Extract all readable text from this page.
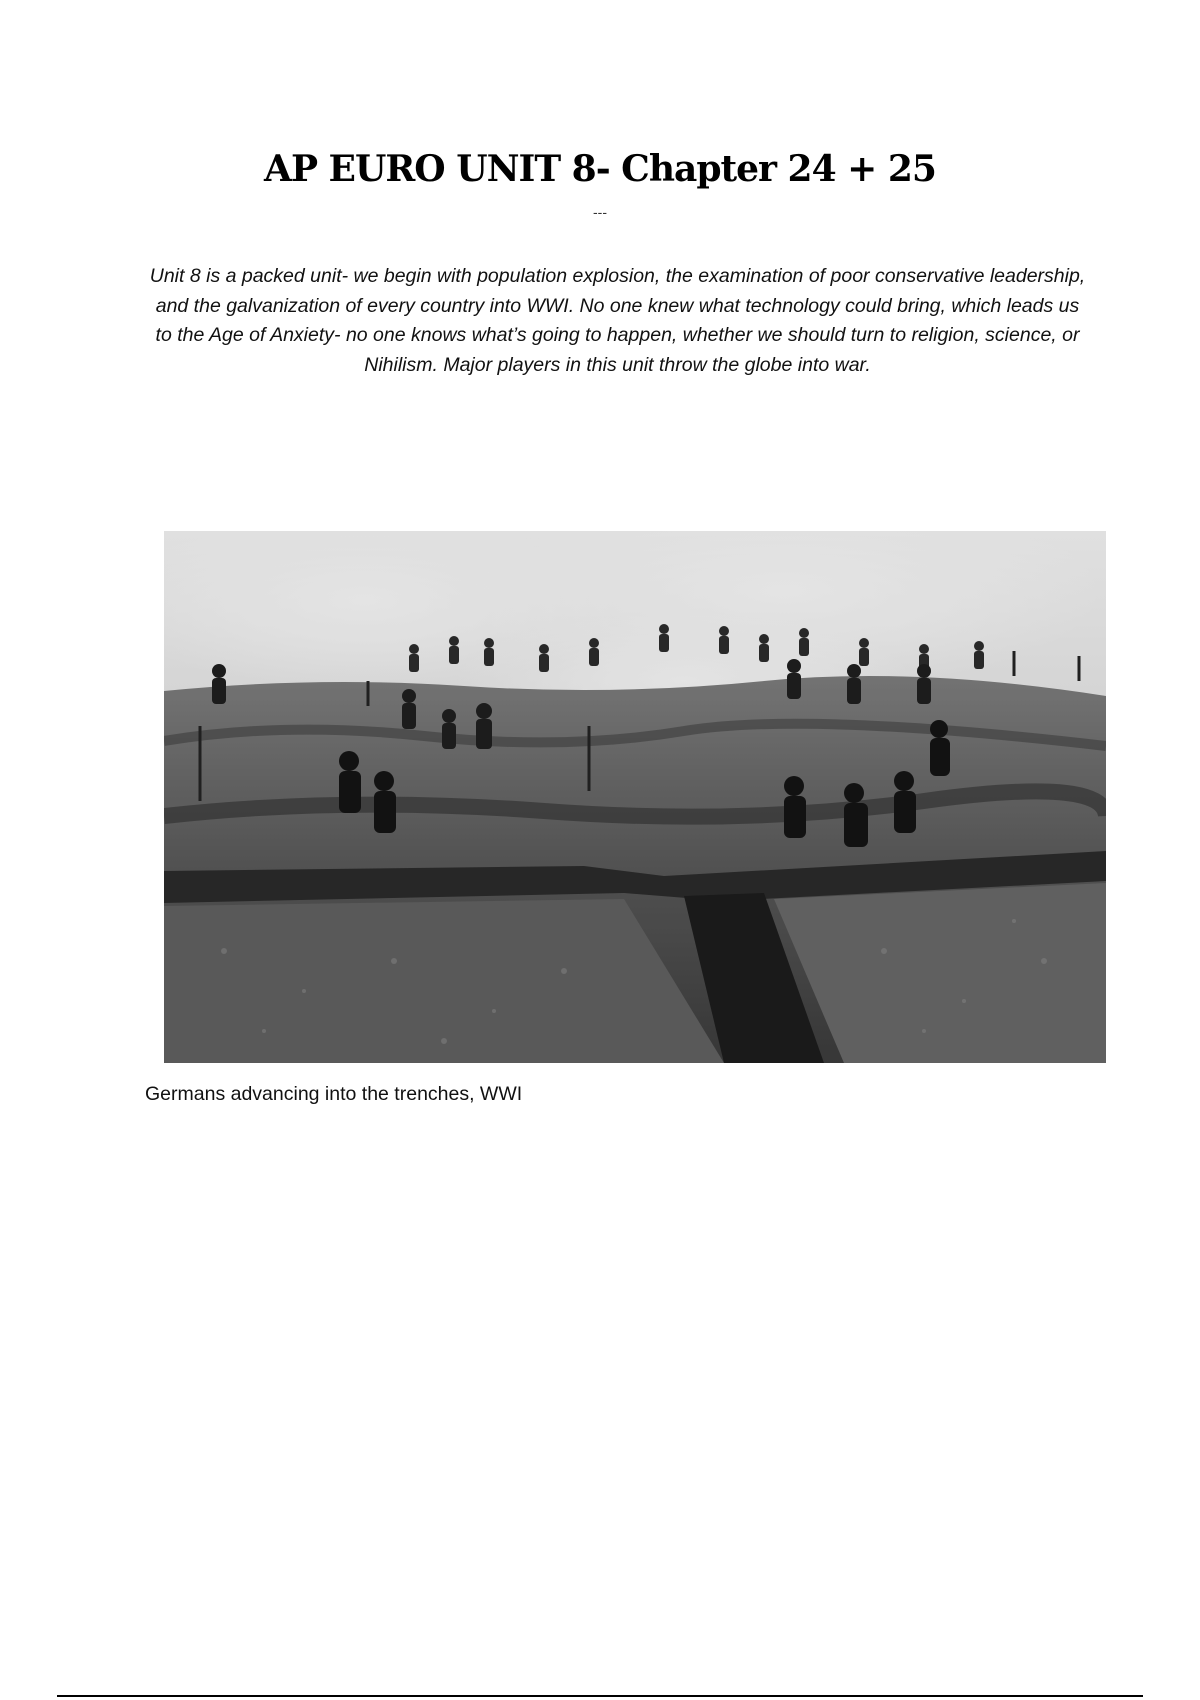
AP EURO UNIT 8- Chapter 24 + 25
---

Unit 8 is a packed unit- we begin with population explosion, the examination of poor conservative leadership, and the galvanization of every country into WWI. No one knew what technology could bring, which leads us to the Age of Anxiety- no one knows what’s going to happen, whether we should turn to religion, science, or Nihilism. Major players in this unit throw the globe into war.

Germans advancing into the trenches, WWI
